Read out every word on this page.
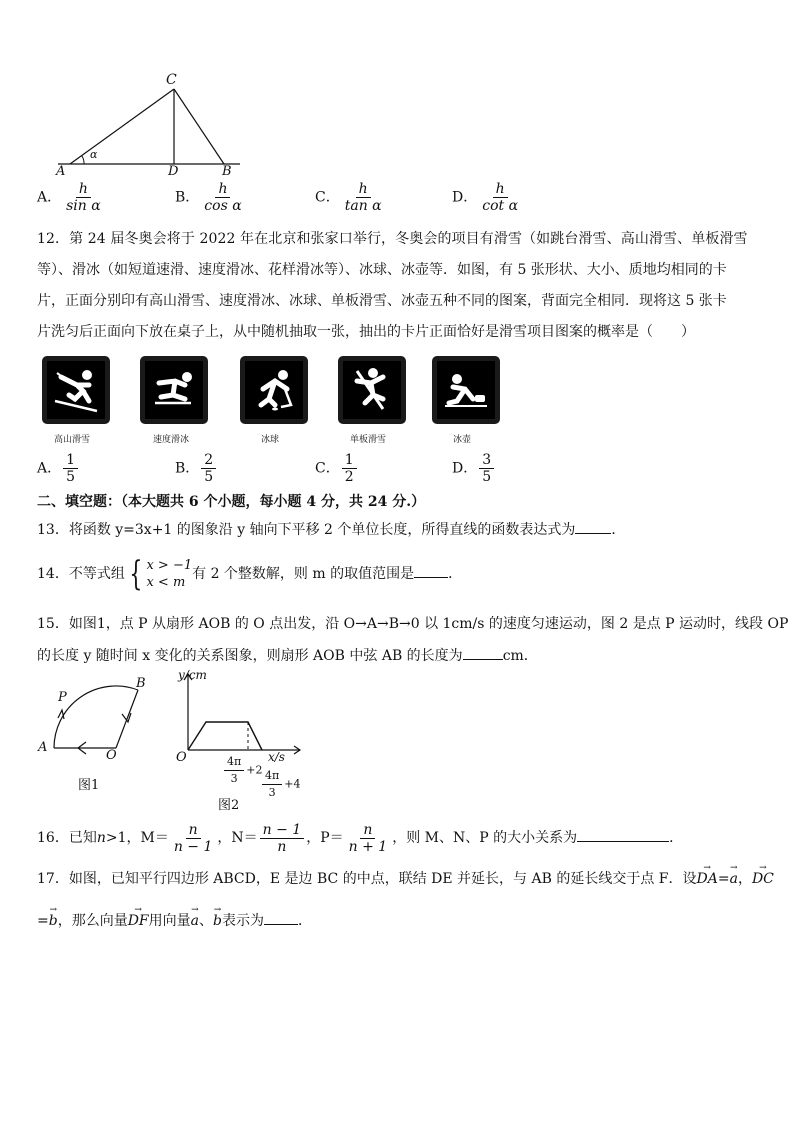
C
A	D	B
α
A． $\frac{h}{\text{sin α}}$	B． $\frac{h}{\text{cos α}}$	C． $\frac{h}{\text{tan α}}$	D． $\frac{h}{\text{cot α}}$
12．第 24 届冬奥会将于 2022 年在北京和张家口举行，冬奥会的项目有滑雪（如跳台滑雪、高山滑雪、单板滑雪
等）、滑冰（如短道速滑、速度滑冰、花样滑冰等）、冰球、冰壶等．如图，有 5 张形状、大小、质地均相同的卡
片，正面分别印有高山滑雪、速度滑冰、冰球、单板滑雪、冰壶五种不同的图案，背面完全相同．现将这 5 张卡
片洗匀后正面向下放在桌子上，从中随机抽取一张，抽出的卡片正面恰好是滑雪项目图案的概率是（　　）
高山滑雪	速度滑冰	冰球	单板滑雪	冰壶
A． $\frac{1}{5}$	B． $\frac{2}{5}$	C． $\frac{1}{2}$	D． $\frac{3}{5}$
二、填空题：（本大题共 6 个小题，每小题 4 分，共 24 分.）
13．将函数 y=3x+1 的图象沿 y 轴向下平移 2 个单位长度，所得直线的函数表达式为	．
14．不等式组 { x > −1
x < m
有 2 个整数解，则 m 的取值范围是 ．
15．如图1，点 P 从扇形 AOB 的 O 点出发，沿 O→A→B→0 以 1cm/s 的速度匀速运动，图 2 是点 P 运动时，线段 OP
的长度 y 随时间 x 变化的关系图象，则扇形 AOB 中弦 AB 的长度为	cm．
P
B
A
O
图1
y/cm
x/s
O	$\frac{4\pi}{3} +2 \frac{4\pi}{3} +4$
图2
16．已知n>1，$M= \frac{n}{n - 1}$ ，$N= \frac{n - 1}{n}$ ，$P= \frac{n}{n + 1}$ ，则 M、N、P 的大小关系为	．
17．如图，已知平行四边形 ABCD，E 是边 BC 的中点，联结 DE 并延长，与 AB 的延长线交于点 F．设→ DA=→ a，→ DC
=→ b，那么向量→ DF用向量→ a、→ b表示为 ．
